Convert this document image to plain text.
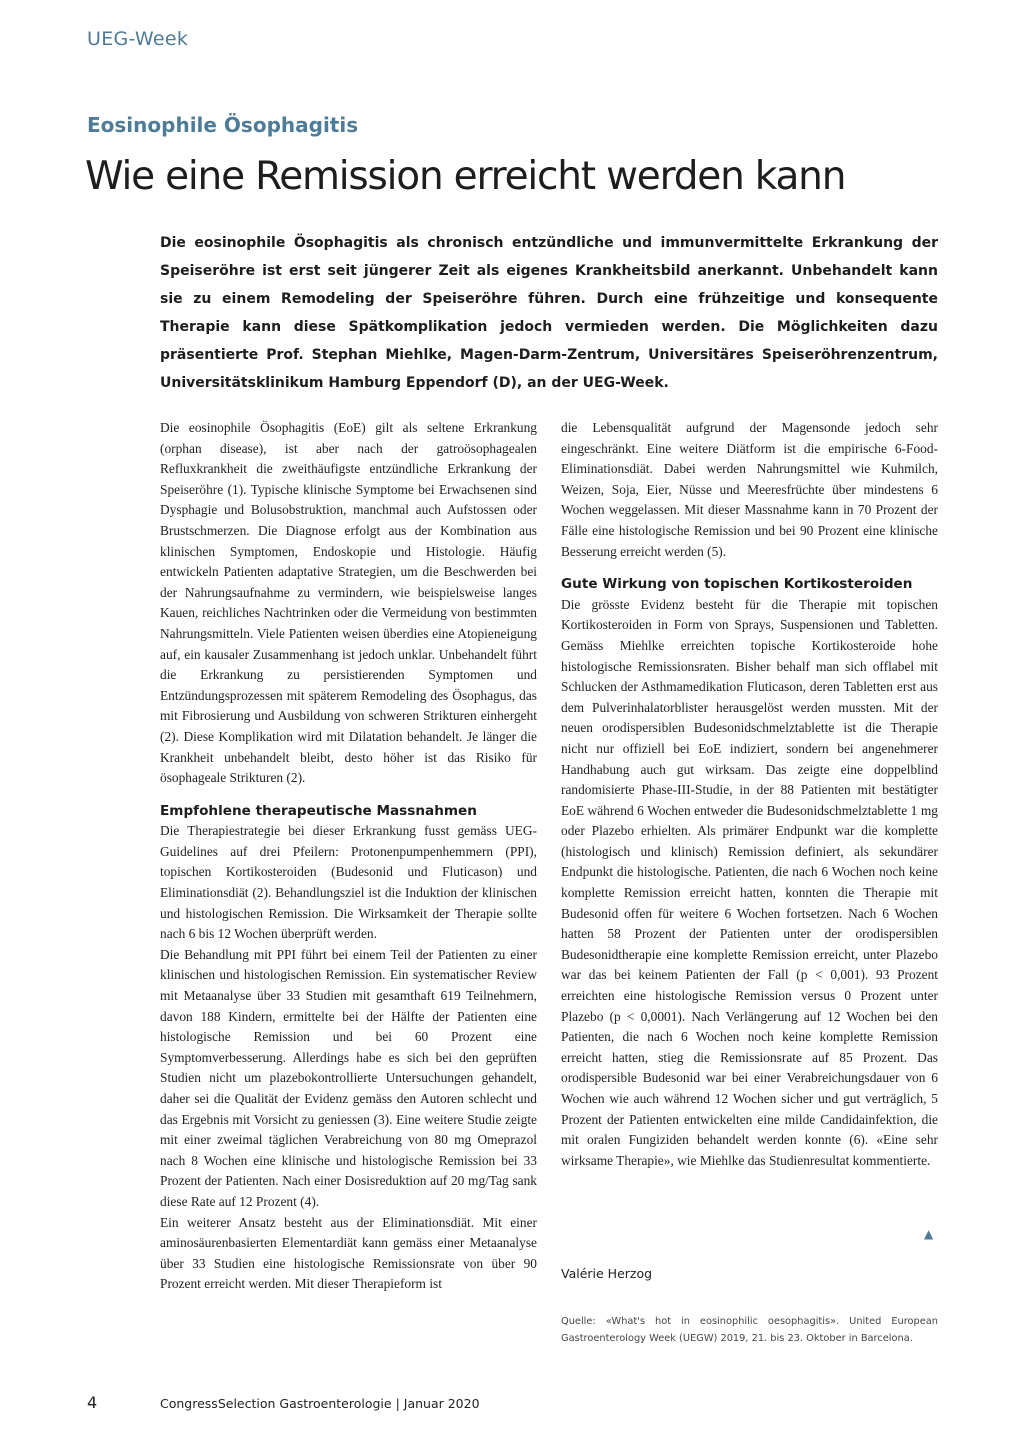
UEG-Week
Eosinophile Ösophagitis
Wie eine Remission erreicht werden kann

Die eosinophile Ösophagitis als chronisch entzündliche und immunvermittelte Erkrankung der Speiseröhre ist erst seit jüngerer Zeit als eigenes Krankheitsbild anerkannt. Unbehandelt kann sie zu einem Remodeling der Speiseröhre führen. Durch eine frühzeitige und konsequente Therapie kann diese Spätkomplikation jedoch vermieden werden. Die Möglichkeiten dazu präsentierte Prof. Stephan Miehlke, Magen-Darm-Zentrum, Universitäres Speiseröhrenzentrum, Universitätsklinikum Hamburg Eppendorf (D), an der UEG-Week.

Die eosinophile Ösophagitis (EoE) gilt als seltene Erkrankung (orphan disease), ist aber nach der gatroösophagealen Refluxkrankheit die zweithäufigste entzündliche Erkrankung der Speiseröhre (1). Typische klinische Symptome bei Erwachsenen sind Dysphagie und Bolusobstruktion, manchmal auch Aufstossen oder Brustschmerzen. Die Diagnose erfolgt aus der Kombination aus klinischen Symptomen, Endoskopie und Histologie. Häufig entwickeln Patienten adaptative Strategien, um die Beschwerden bei der Nahrungsaufnahme zu vermindern, wie beispielsweise langes Kauen, reichliches Nachtrinken oder die Vermeidung von bestimmten Nahrungsmitteln. Viele Patienten weisen überdies eine Atopieneigung auf, ein kausaler Zusammenhang ist jedoch unklar. Unbehandelt führt die Erkrankung zu persistierenden Symptomen und Entzündungsprozessen mit späterem Remodeling des Ösophagus, das mit Fibrosierung und Ausbildung von schweren Strikturen einhergeht (2). Diese Komplikation wird mit Dilatation behandelt. Je länger die Krankheit unbehandelt bleibt, desto höher ist das Risiko für ösophageale Strikturen (2).

Empfohlene therapeutische Massnahmen

Die Therapiestrategie bei dieser Erkrankung fusst gemäss UEG-Guidelines auf drei Pfeilern: Protonenpumpenhemmern (PPI), topischen Kortikosteroiden (Budesonid und Fluticason) und Eliminationsdiät (2). Behandlungsziel ist die Induktion der klinischen und histologischen Remission. Die Wirksamkeit der Therapie sollte nach 6 bis 12 Wochen überprüft werden.

Die Behandlung mit PPI führt bei einem Teil der Patienten zu einer klinischen und histologischen Remission. Ein systematischer Review mit Metaanalyse über 33 Studien mit gesamthaft 619 Teilnehmern, davon 188 Kindern, ermittelte bei der Hälfte der Patienten eine histologische Remission und bei 60 Prozent eine Symptomverbesserung. Allerdings habe es sich bei den geprüften Studien nicht um plazebokontrollierte Untersuchungen gehandelt, daher sei die Qualität der Evidenz gemäss den Autoren schlecht und das Ergebnis mit Vorsicht zu geniessen (3). Eine weitere Studie zeigte mit einer zweimal täglichen Verabreichung von 80 mg Omeprazol nach 8 Wochen eine klinische und histologische Remission bei 33 Prozent der Patienten. Nach einer Dosisreduktion auf 20 mg/Tag sank diese Rate auf 12 Prozent (4).

Ein weiterer Ansatz besteht aus der Eliminationsdiät. Mit einer aminosäurenbasierten Elementardiät kann gemäss einer Metaanalyse über 33 Studien eine histologische Remissionsrate von über 90 Prozent erreicht werden. Mit dieser Therapieform ist

die Lebensqualität aufgrund der Magensonde jedoch sehr eingeschränkt. Eine weitere Diätform ist die empirische 6-Food-Eliminationsdiät. Dabei werden Nahrungsmittel wie Kuhmilch, Weizen, Soja, Eier, Nüsse und Meeresfrüchte über mindestens 6 Wochen weggelassen. Mit dieser Massnahme kann in 70 Prozent der Fälle eine histologische Remission und bei 90 Prozent eine klinische Besserung erreicht werden (5).

Gute Wirkung von topischen Kortikosteroiden

Die grösste Evidenz besteht für die Therapie mit topischen Kortikosteroiden in Form von Sprays, Suspensionen und Tabletten. Gemäss Miehlke erreichten topische Kortikosteroide hohe histologische Remissionsraten. Bisher behalf man sich offlabel mit Schlucken der Asthmamedikation Fluticason, deren Tabletten erst aus dem Pulverinhalatorblister herausgelöst werden mussten. Mit der neuen orodispersiblen Budesonidschmelztablette ist die Therapie nicht nur offiziell bei EoE indiziert, sondern bei angenehmerer Handhabung auch gut wirksam. Das zeigte eine doppelblind randomisierte Phase-III-Studie, in der 88 Patienten mit bestätigter EoE während 6 Wochen entweder die Budesonidschmelztablette 1 mg oder Plazebo erhielten. Als primärer Endpunkt war die komplette (histologisch und klinisch) Remission definiert, als sekundärer Endpunkt die histologische. Patienten, die nach 6 Wochen noch keine komplette Remission erreicht hatten, konnten die Therapie mit Budesonid offen für weitere 6 Wochen fortsetzen. Nach 6 Wochen hatten 58 Prozent der Patienten unter der orodispersiblen Budesonidtherapie eine komplette Remission erreicht, unter Plazebo war das bei keinem Patienten der Fall (p < 0,001). 93 Prozent erreichten eine histologische Remission versus 0 Prozent unter Plazebo (p < 0,0001). Nach Verlängerung auf 12 Wochen bei den Patienten, die nach 6 Wochen noch keine komplette Remission erreicht hatten, stieg die Remissionsrate auf 85 Prozent. Das orodispersible Budesonid war bei einer Verabreichungsdauer von 6 Wochen wie auch während 12 Wochen sicher und gut verträglich, 5 Prozent der Patienten entwickelten eine milde Candidainfektion, die mit oralen Fungiziden behandelt werden konnte (6). «Eine sehr wirksame Therapie», wie Miehlke das Studienresultat kommentierte.

▲
Valérie Herzog

Quelle: «What's hot in eosinophilic oesophagitis». United European Gastroenterology Week (UEGW) 2019, 21. bis 23. Oktober in Barcelona.

4	CongressSelection Gastroenterologie | Januar 2020
